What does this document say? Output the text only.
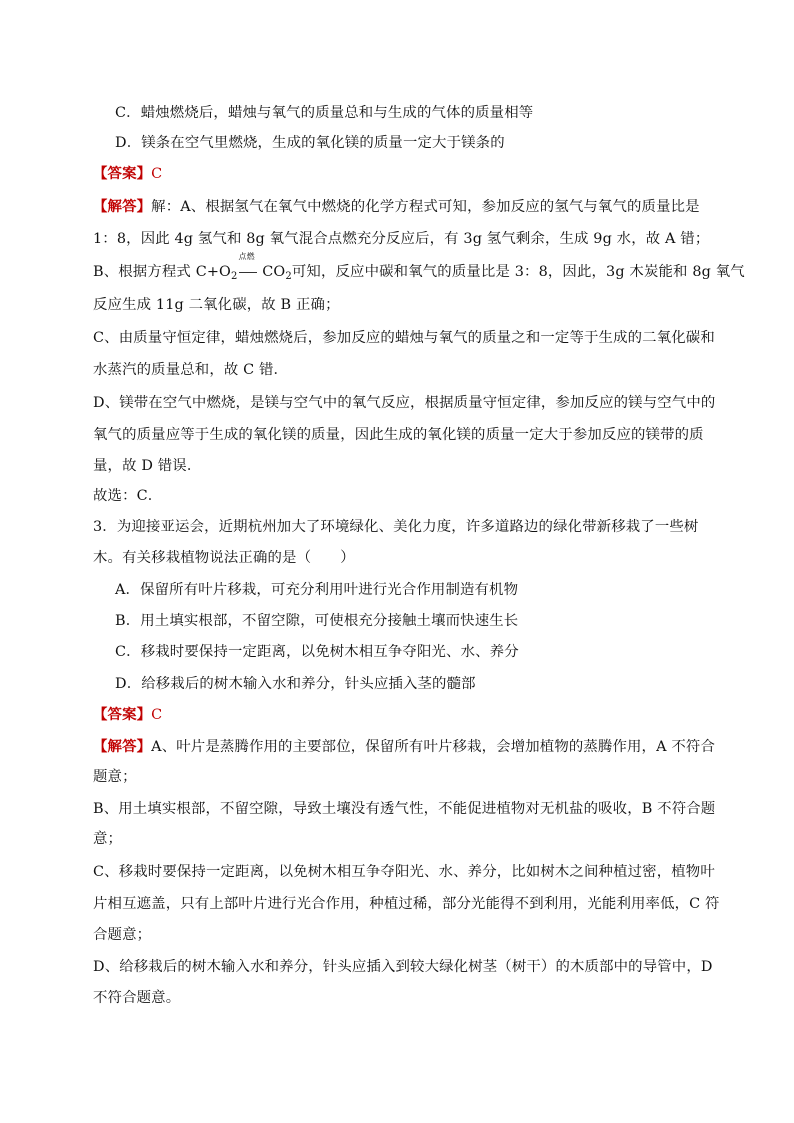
C．蜡烛燃烧后，蜡烛与氧气的质量总和与生成的气体的质量相等
D．镁条在空气里燃烧，生成的氧化镁的质量一定大于镁条的
【答案】C
【解答】解：A、根据氢气在氧气中燃烧的化学方程式可知，参加反应的氢气与氧气的质量比是
1：8，因此 4g 氢气和 8g 氧气混合点燃充分反应后，有 3g 氢气剩余，生成 9g 水，故 A 错；
B、根据方程式 $C+O_2$
点燃
$CO_2$可知，反应中碳和氧气的质量比是 3：8，因此，3g 木炭能和 8g 氧气
反应生成 11g 二氧化碳，故 B 正确；
C、由质量守恒定律，蜡烛燃烧后，参加反应的蜡烛与氧气的质量之和一定等于生成的二氧化碳和
水蒸汽的质量总和，故 C 错．
D、镁带在空气中燃烧，是镁与空气中的氧气反应，根据质量守恒定律，参加反应的镁与空气中的
氧气的质量应等于生成的氧化镁的质量，因此生成的氧化镁的质量一定大于参加反应的镁带的质
量，故 D 错误．
故选：C．
3．为迎接亚运会，近期杭州加大了环境绿化、美化力度，许多道路边的绿化带新移栽了一些树
木。有关移栽植物说法正确的是（　　）
A．保留所有叶片移栽，可充分利用叶进行光合作用制造有机物
B．用土填实根部，不留空隙，可使根充分接触土壤而快速生长
C．移栽时要保持一定距离，以免树木相互争夺阳光、水、养分
D．给移栽后的树木输入水和养分，针头应插入茎的髓部
【答案】C
【解答】A、叶片是蒸腾作用的主要部位，保留所有叶片移栽，会增加植物的蒸腾作用，A 不符合
题意；
B、用土填实根部，不留空隙，导致土壤没有透气性，不能促进植物对无机盐的吸收，B 不符合题
意；
C、移栽时要保持一定距离，以免树木相互争夺阳光、水、养分，比如树木之间种植过密，植物叶
片相互遮盖，只有上部叶片进行光合作用，种植过稀，部分光能得不到利用，光能利用率低，C 符
合题意；
D、给移栽后的树木输入水和养分，针头应插入到较大绿化树茎（树干）的木质部中的导管中，D
不符合题意。
